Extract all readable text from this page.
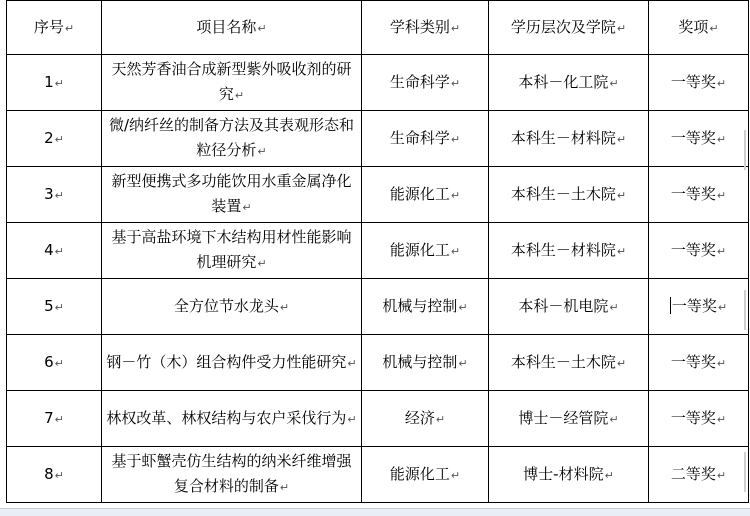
序号↵	项目名称↵	学科类别↵	学历层次及学院↵	奖项↵
1↵	天然芳香油合成新型紫外吸收剂的研究↵	生命科学↵	本科－化工院↵	一等奖↵
2↵	微/纳纤丝的制备方法及其表观形态和粒径分析↵	生命科学↵	本科生－材料院↵	一等奖↵
3↵	新型便携式多功能饮用水重金属净化装置↵	能源化工↵	本科生－土木院↵	一等奖↵
4↵	基于高盐环境下木结构用材性能影响机理研究↵	能源化工↵	本科生－材料院↵	一等奖↵
5↵	全方位节水龙头↵	机械与控制↵	本科－机电院↵	一等奖↵
6↵	钢－竹（木）组合构件受力性能研究↵	机械与控制↵	本科生－土木院↵	一等奖↵
7↵	林权改革、林权结构与农户采伐行为↵	经济↵	博士－经管院↵	一等奖↵
8↵	基于虾蟹壳仿生结构的纳米纤维增强复合材料的制备↵	能源化工↵	博士-材料院↵	二等奖↵
